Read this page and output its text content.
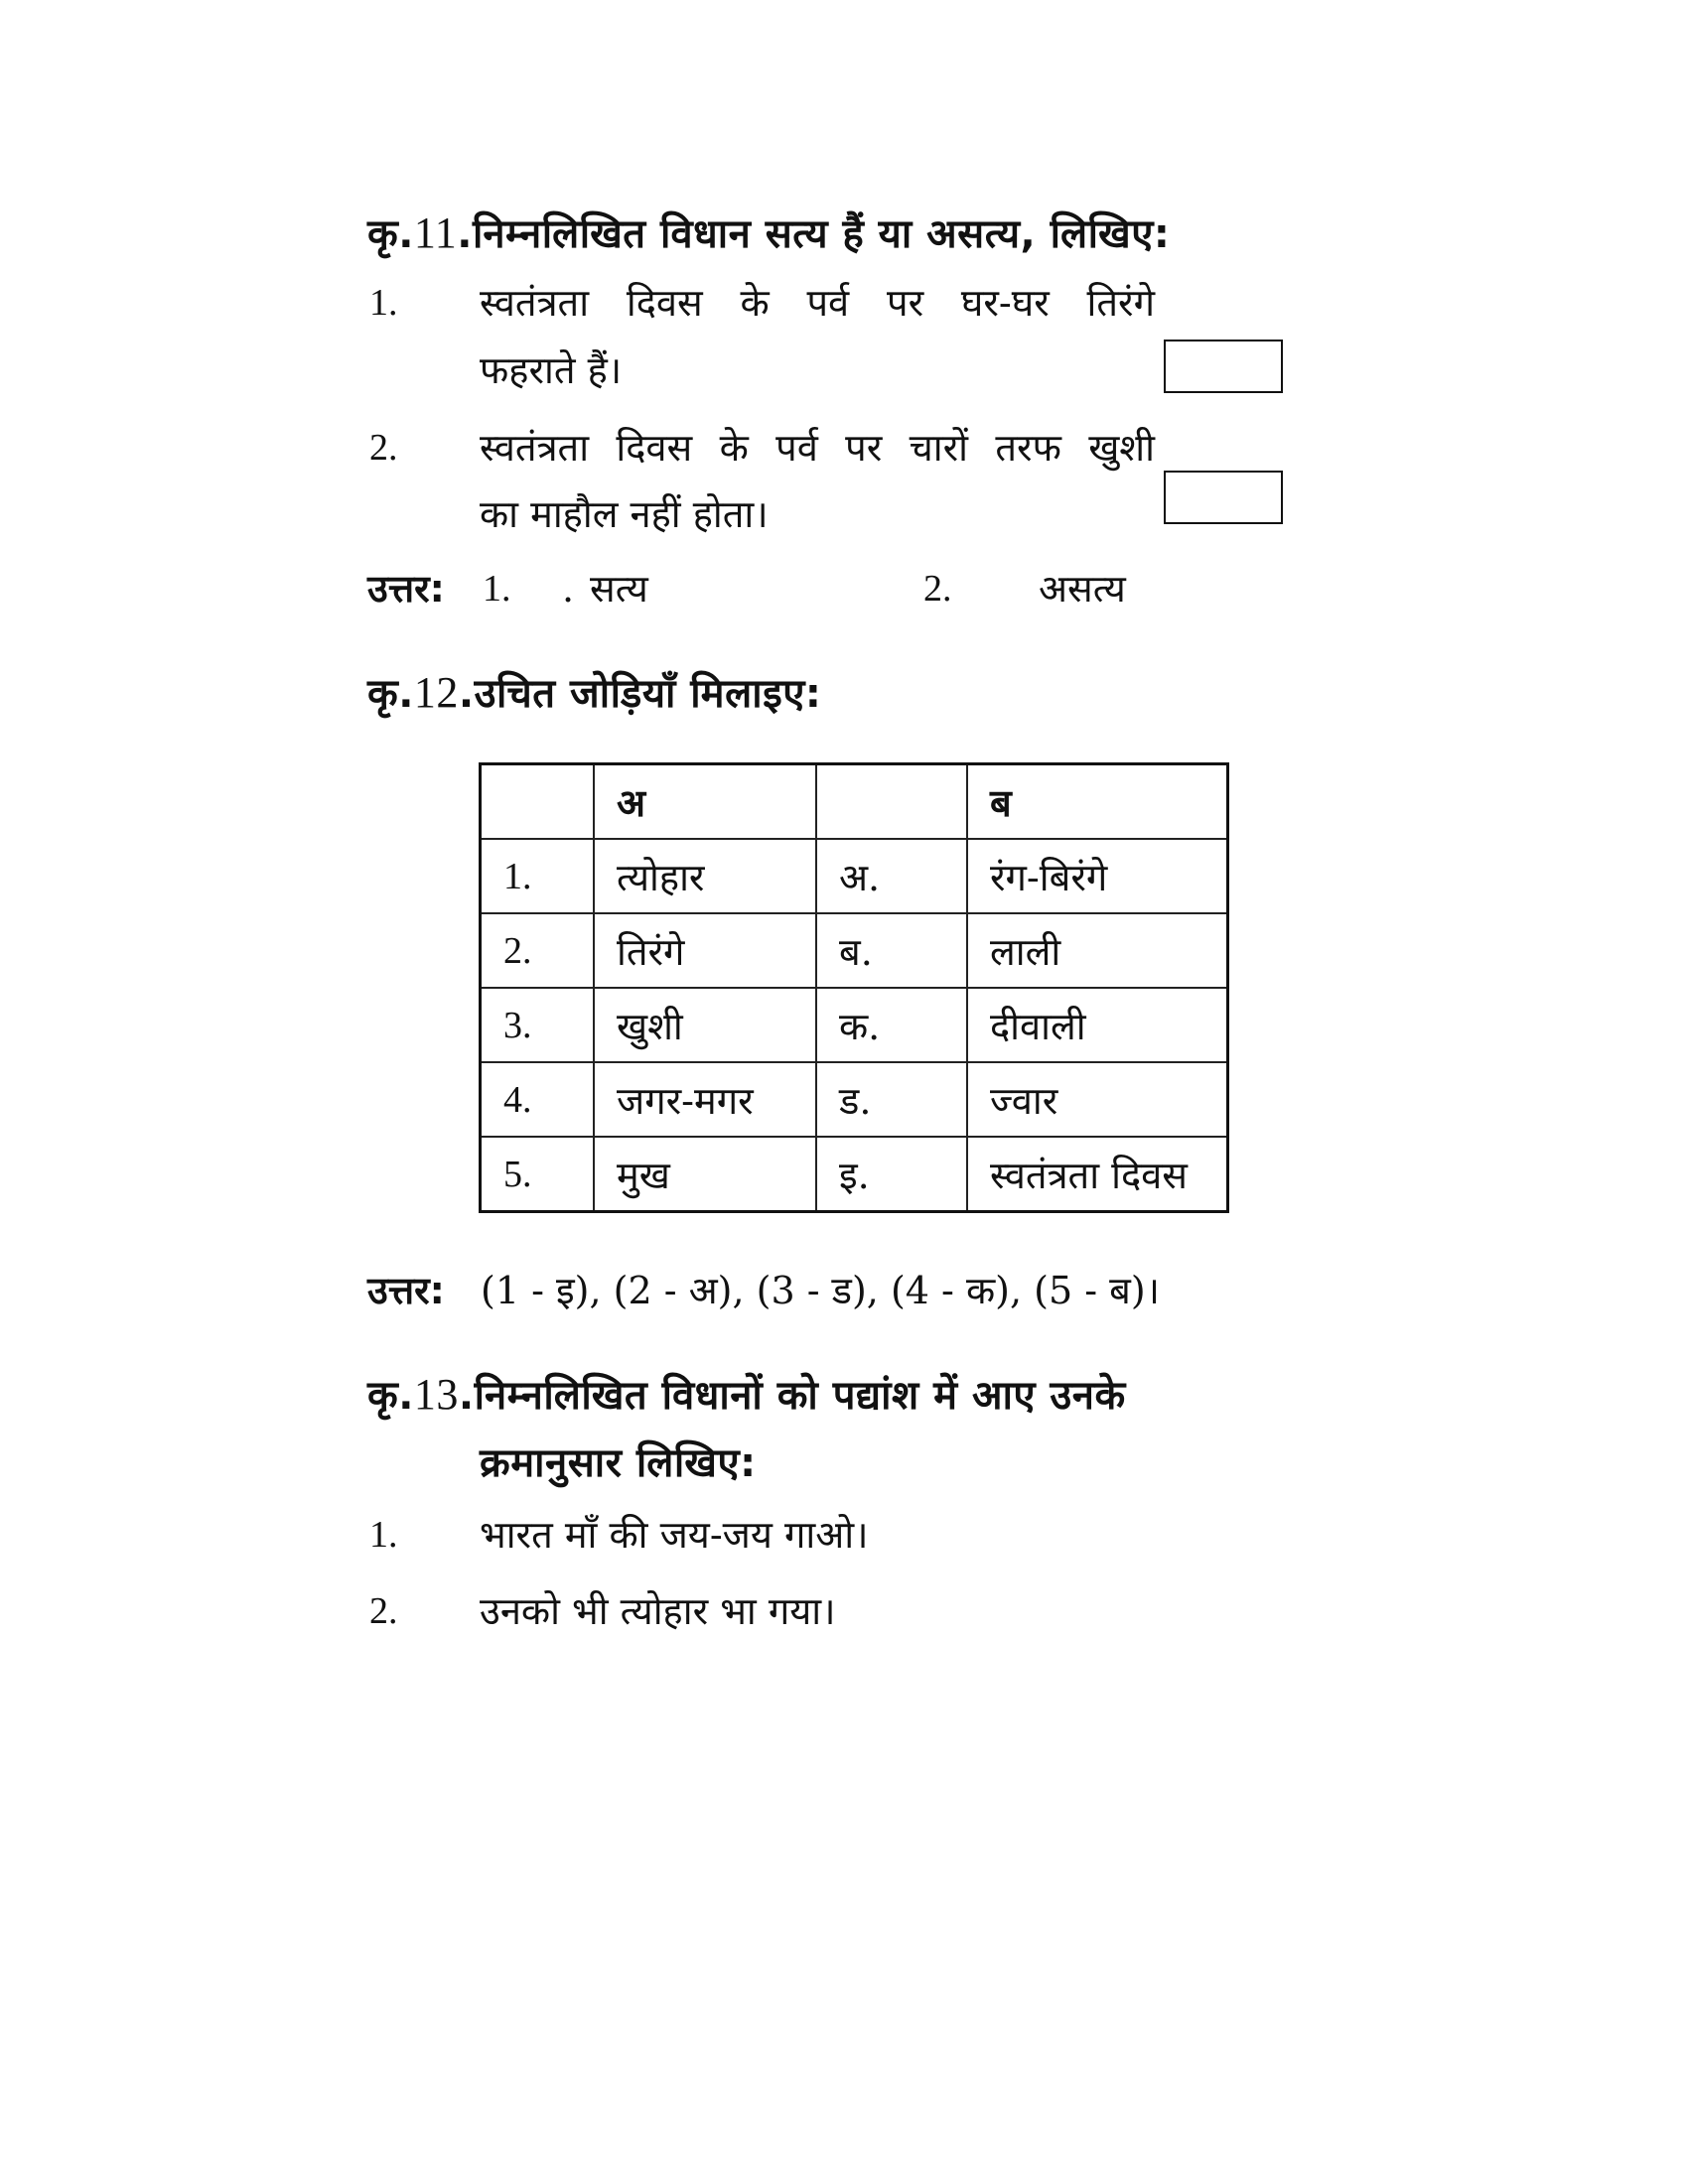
कृ.11.निम्नलिखित विधान सत्य हैं या असत्य, लिखिए:
1. स्वतंत्रता दिवस के पर्व पर घर-घर तिरंगे
फहराते हैं।
2. स्वतंत्रता दिवस के पर्व पर चारों तरफ खुशी
का माहौल नहीं होता।
उत्तर: 1. . सत्य	2. असत्य
कृ.12.उचित जोड़ियाँ मिलाइए:
	अ		ब
1.	त्योहार	अ.	रंग-बिरंगे
2.	तिरंगे	ब.	लाली
3.	खुशी	क.	दीवाली
4.	जगर-मगर	ड.	ज्वार
5.	मुख	इ.	स्वतंत्रता दिवस
उत्तर: (1 - इ), (2 - अ), (3 - ड), (4 - क), (5 - ब)।
कृ.13.निम्नलिखित विधानों को पद्यांश में आए उनके
क्रमानुसार लिखिए:
1. भारत माँ की जय-जय गाओ।
2. उनको भी त्योहार भा गया।
